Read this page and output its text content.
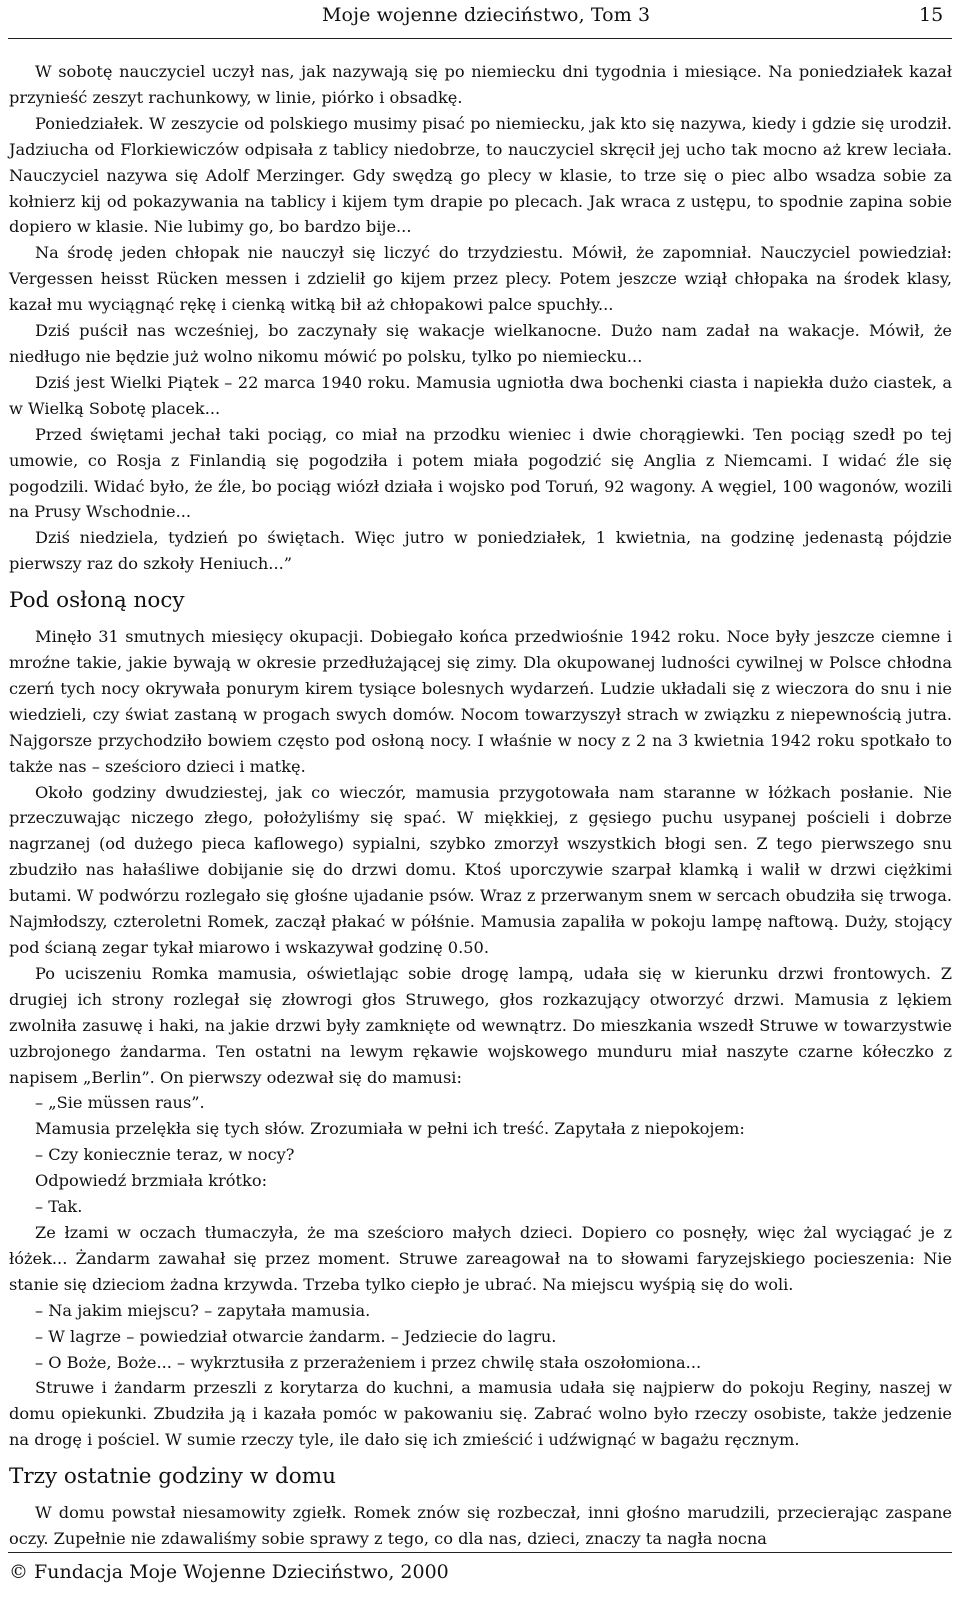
Moje wojenne dzieciństwo, Tom 3	15

W sobotę nauczyciel uczył nas, jak nazywają się po niemiecku dni tygodnia i miesiące. Na poniedziałek kazał przynieść zeszyt rachunkowy, w linie, piórko i obsadkę.

Poniedziałek. W zeszycie od polskiego musimy pisać po niemiecku, jak kto się nazywa, kiedy i gdzie się urodził. Jadziucha od Florkiewiczów odpisała z tablicy niedobrze, to nauczyciel skręcił jej ucho tak mocno aż krew leciała. Nauczyciel nazywa się Adolf Merzinger. Gdy swędzą go plecy w klasie, to trze się o piec albo wsadza sobie za kołnierz kij od pokazywania na tablicy i kijem tym drapie po plecach. Jak wraca z ustępu, to spodnie zapina sobie dopiero w klasie. Nie lubimy go, bo bardzo bije...

Na środę jeden chłopak nie nauczył się liczyć do trzydziestu. Mówił, że zapomniał. Nauczyciel powiedział: Vergessen heisst Rücken messen i zdzielił go kijem przez plecy. Potem jeszcze wziął chłopaka na środek klasy, kazał mu wyciągnąć rękę i cienką witką bił aż chłopakowi palce spuchły...

Dziś puścił nas wcześniej, bo zaczynały się wakacje wielkanocne. Dużo nam zadał na wakacje. Mówił, że niedługo nie będzie już wolno nikomu mówić po polsku, tylko po niemiecku...

Dziś jest Wielki Piątek – 22 marca 1940 roku. Mamusia ugniotła dwa bochenki ciasta i napiekła dużo ciastek, a w Wielką Sobotę placek...

Przed świętami jechał taki pociąg, co miał na przodku wieniec i dwie chorągiewki. Ten pociąg szedł po tej umowie, co Rosja z Finlandią się pogodziła i potem miała pogodzić się Anglia z Niemcami. I widać źle się pogodzili. Widać było, że źle, bo pociąg wiózł działa i wojsko pod Toruń, 92 wagony. A węgiel, 100 wagonów, wozili na Prusy Wschodnie...

Dziś niedziela, tydzień po świętach. Więc jutro w poniedziałek, 1 kwietnia, na godzinę jedenastą pójdzie pierwszy raz do szkoły Heniuch...”

Pod osłoną nocy

Minęło 31 smutnych miesięcy okupacji. Dobiegało końca przedwiośnie 1942 roku. Noce były jeszcze ciemne i mroźne takie, jakie bywają w okresie przedłużającej się zimy. Dla okupowanej ludności cywilnej w Polsce chłodna czerń tych nocy okrywała ponurym kirem tysiące bolesnych wydarzeń. Ludzie układali się z wieczora do snu i nie wiedzieli, czy świat zastaną w progach swych domów. Nocom towarzyszył strach w związku z niepewnością jutra. Najgorsze przychodziło bowiem często pod osłoną nocy. I właśnie w nocy z 2 na 3 kwietnia 1942 roku spotkało to także nas – sześcioro dzieci i matkę.

Około godziny dwudziestej, jak co wieczór, mamusia przygotowała nam staranne w łóżkach posłanie. Nie przeczuwając niczego złego, położyliśmy się spać. W miękkiej, z gęsiego puchu usypanej pościeli i dobrze nagrzanej (od dużego pieca kaflowego) sypialni, szybko zmorzył wszystkich błogi sen. Z tego pierwszego snu zbudziło nas hałaśliwe dobijanie się do drzwi domu. Ktoś uporczywie szarpał klamką i walił w drzwi ciężkimi butami. W podwórzu rozlegało się głośne ujadanie psów. Wraz z przerwanym snem w sercach obudziła się trwoga. Najmłodszy, czteroletni Romek, zaczął płakać w półśnie. Mamusia zapaliła w pokoju lampę naftową. Duży, stojący pod ścianą zegar tykał miarowo i wskazywał godzinę 0.50.

Po uciszeniu Romka mamusia, oświetlając sobie drogę lampą, udała się w kierunku drzwi frontowych. Z drugiej ich strony rozlegał się złowrogi głos Struwego, głos rozkazujący otworzyć drzwi. Mamusia z lękiem zwolniła zasuwę i haki, na jakie drzwi były zamknięte od wewnątrz. Do mieszkania wszedł Struwe w towarzystwie uzbrojonego żandarma. Ten ostatni na lewym rękawie wojskowego munduru miał naszyte czarne kółeczko z napisem „Berlin”. On pierwszy odezwał się do mamusi:

– „Sie müssen raus”.

Mamusia przelękła się tych słów. Zrozumiała w pełni ich treść. Zapytała z niepokojem:

– Czy koniecznie teraz, w nocy?

Odpowiedź brzmiała krótko:

– Tak.

Ze łzami w oczach tłumaczyła, że ma sześcioro małych dzieci. Dopiero co posnęły, więc żal wyciągać je z łóżek... Żandarm zawahał się przez moment. Struwe zareagował na to słowami faryzejskiego pocieszenia: Nie stanie się dzieciom żadna krzywda. Trzeba tylko ciepło je ubrać. Na miejscu wyśpią się do woli.

– Na jakim miejscu? – zapytała mamusia.

– W lagrze – powiedział otwarcie żandarm. – Jedziecie do lagru.

– O Boże, Boże... – wykrztusiła z przerażeniem i przez chwilę stała oszołomiona...

Struwe i żandarm przeszli z korytarza do kuchni, a mamusia udała się najpierw do pokoju Reginy, naszej w domu opiekunki. Zbudziła ją i kazała pomóc w pakowaniu się. Zabrać wolno było rzeczy osobiste, także jedzenie na drogę i pościel. W sumie rzeczy tyle, ile dało się ich zmieścić i udźwignąć w bagażu ręcznym.

Trzy ostatnie godziny w domu

W domu powstał niesamowity zgiełk. Romek znów się rozbeczał, inni głośno marudzili, przecierając zaspane oczy. Zupełnie nie zdawaliśmy sobie sprawy z tego, co dla nas, dzieci, znaczy ta nagła nocna

© Fundacja Moje Wojenne Dzieciństwo, 2000
